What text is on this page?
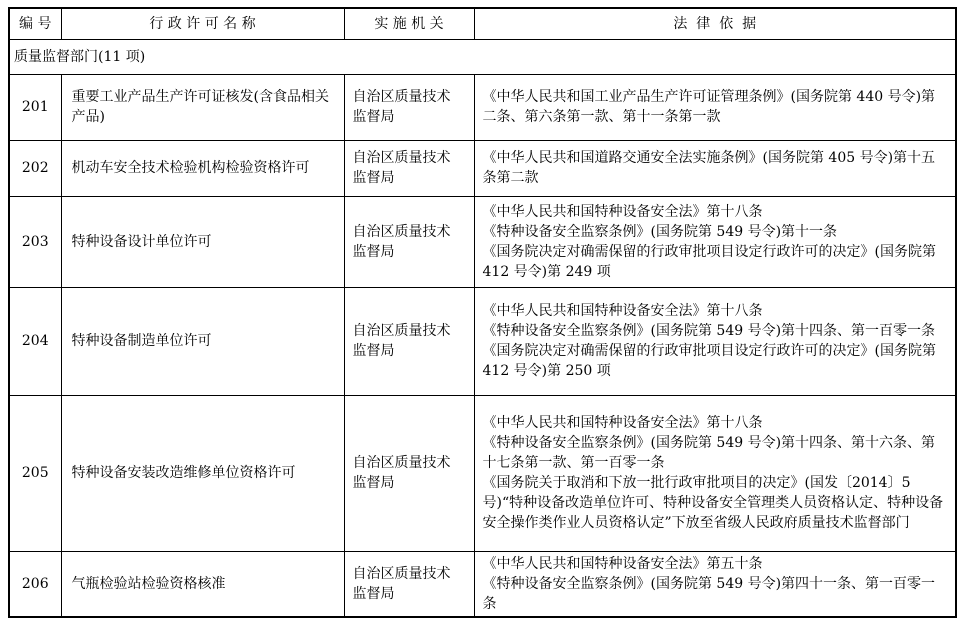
编 号	行 政 许 可 名 称	实 施 机 关	法  律  依  据
质量监督部门(11 项)			
201	重要工业产品生产许可证核发(含食品相关产品)	自治区质量技术监督局	《中华人民共和国工业产品生产许可证管理条例》(国务院第 440 号令)第二条、第六条第一款、第十一条第一款

202	机动车安全技术检验机构检验资格许可	自治区质量技术监督局	《中华人民共和国道路交通安全法实施条例》(国务院第 405 号令)第十五条第二款

203	特种设备设计单位许可	自治区质量技术监督局	《中华人民共和国特种设备安全法》第十八条
《特种设备安全监察条例》(国务院第 549 号令)第十一条
《国务院决定对确需保留的行政审批项目设定行政许可的决定》(国务院第 412 号令)第 249 项

204	特种设备制造单位许可	自治区质量技术监督局	《中华人民共和国特种设备安全法》第十八条
《特种设备安全监察条例》(国务院第 549 号令)第十四条、第一百零一条
《国务院决定对确需保留的行政审批项目设定行政许可的决定》(国务院第 412 号令)第 250 项

205	特种设备安装改造维修单位资格许可	自治区质量技术监督局	《中华人民共和国特种设备安全法》第十八条
《特种设备安全监察条例》(国务院第 549 号令)第十四条、第十六条、第十七条第一款、第一百零一条
《国务院关于取消和下放一批行政审批项目的决定》(国发〔2014〕5号)“特种设备改造单位许可、特种设备安全管理类人员资格认定、特种设备安全操作类作业人员资格认定”下放至省级人民政府质量技术监督部门

206	气瓶检验站检验资格核准	自治区质量技术监督局	《中华人民共和国特种设备安全法》第五十条
《特种设备安全监察条例》(国务院第 549 号令)第四十一条、第一百零一条
